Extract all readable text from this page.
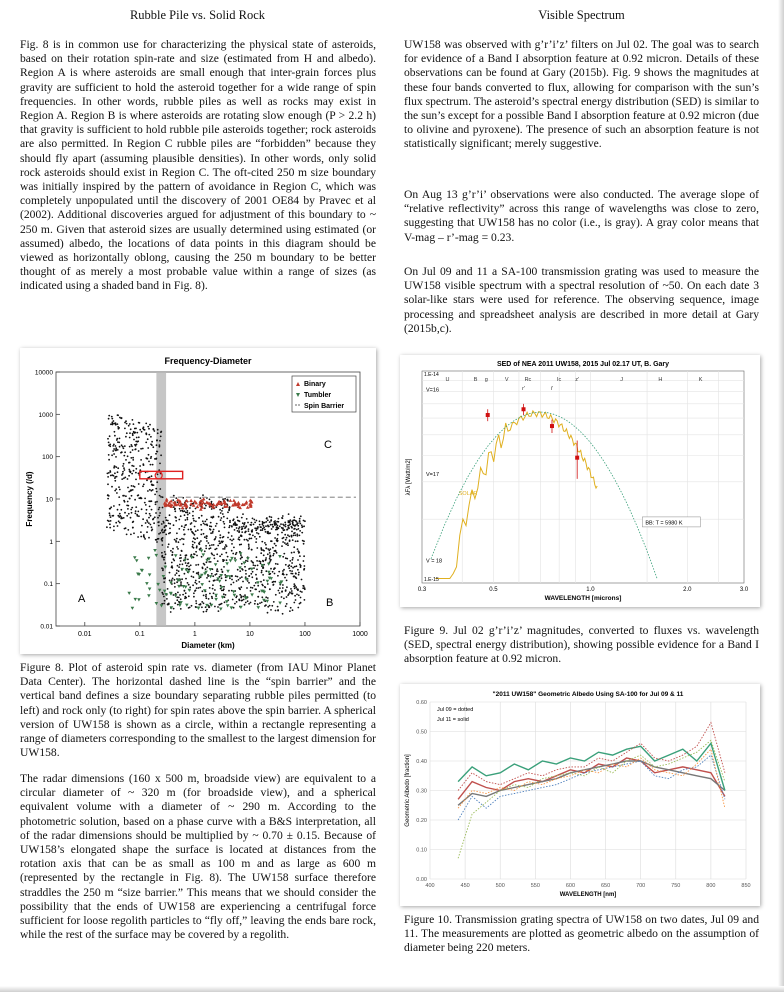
Rubble Pile vs. Solid Rock	Visible Spectrum

Fig. 8 is in common use for characterizing the physical state of asteroids, based on their rotation spin-rate and size (estimated from H and albedo). Region A is where asteroids are small enough that inter-grain forces plus gravity are sufficient to hold the asteroid together for a wide range of spin frequencies. In other words, rubble piles as well as rocks may exist in Region A. Region B is where asteroids are rotating slow enough (P > 2.2 h) that gravity is sufficient to hold rubble pile asteroids together; rock asteroids are also permitted. In Region C rubble piles are “forbidden” because they should fly apart (assuming plausible densities). In other words, only solid rock asteroids should exist in Region C. The oft-cited 250 m size boundary was initially inspired by the pattern of avoidance in Region C, which was completely unpopulated until the discovery of 2001 OE84 by Pravec et al (2002). Additional discoveries argued for adjustment of this boundary to ~ 250 m. Given that asteroid sizes are usually determined using estimated (or assumed) albedo, the locations of data points in this diagram should be viewed as horizontally oblong, causing the 250 m boundary to be better thought of as merely a most probable value within a range of sizes (as indicated using a shaded band in Fig. 8).

Frequency-Diameter
0.01	0.1	1	10	100	1000
0.01
0.1
1
10
100
1000
10000
Diameter (km)
Frequency (/d)
A	B
C
Binary
Tumbler
Spin Barrier

Figure 8. Plot of asteroid spin rate vs. diameter (from IAU Minor Planet Data Center). The horizontal dashed line is the “spin barrier” and the vertical band defines a size boundary separating rubble piles permitted (to left) and rock only (to right) for spin rates above the spin barrier. A spherical version of UW158 is shown as a circle, within a rectangle representing a range of diameters corresponding to the smallest to the largest dimension for UW158.

The radar dimensions (160 x 500 m, broadside view) are equivalent to a circular diameter of ~ 320 m (for broadside view), and a spherical equivalent volume with a diameter of ~ 290 m. According to the photometric solution, based on a phase curve with a B&S interpretation, all of the radar dimensions should be multiplied by ~ 0.70 ± 0.15. Because of UW158’s elongated shape the surface is located at distances from the rotation axis that can be as small as 100 m and as large as 600 m (represented by the rectangle in Fig. 8). The UW158 surface therefore straddles the 250 m “size barrier.” This means that we should consider the possibility that the ends of UW158 are experiencing a centrifugal force sufficient for loose regolith particles to “fly off,” leaving the ends bare rock, while the rest of the surface may be covered by a regolith.

UW158 was observed with g’r’i’z’ filters on Jul 02. The goal was to search for evidence of a Band I absorption feature at 0.92 micron. Details of these observations can be found at Gary (2015b). Fig. 9 shows the magnitudes at these four bands converted to flux, allowing for comparison with the sun’s flux spectrum. The asteroid’s spectral energy distribution (SED) is similar to the sun’s except for a possible Band I absorption feature at 0.92 micron (due to olivine and pyroxene). The presence of such an absorption feature is not statistically significant; merely suggestive.

On Aug 13 g’r’i’ observations were also conducted. The average slope of “relative reflectivity” across this range of wavelengths was close to zero, suggesting that UW158 has no color (i.e., is gray). A gray color means that V-mag – r’-mag = 0.23.

On Jul 09 and 11 a SA-100 transmission grating was used to measure the UW158 visible spectrum with a spectral resolution of ~50. On each date 3 solar-like stars were used for reference. The observing sequence, image processing and spreadsheet analysis are described in more detail at Gary (2015b,c).

SED of NEA 2011 UW158, 2015 Jul 02.17 UT, B. Gary
U	B g	V	Rc
r'
Ic
i'
z'	J	H	K
V=16
V=17
V = 18
SOLAR
BB: T = 5980 K
0.3	0.5	1.0	2.0	3.0
1.E-14
1.E-15
WAVELENGTH [microns]
λFλ [Watt/m2]

Figure 9. Jul 02 g’r’i’z’ magnitudes, converted to fluxes vs. wavelength (SED, spectral energy distribution), showing possible evidence for a Band I absorption feature at 0.92 micron.

"2011 UW158" Geometric Albedo Using SA-100 for Jul 09 & 11
0.00
0.10
0.20
0.30
0.40
0.50
0.60
400	450	500	550	600	650	700	750	800	850
Jul 09 = dotted
Jul 11 = solid
WAVELENGTH [nm]
Geometric Albedo [fraction]

Figure 10. Transmission grating spectra of UW158 on two dates, Jul 09 and 11. The measurements are plotted as geometric albedo on the assumption of diameter being 220 meters.
